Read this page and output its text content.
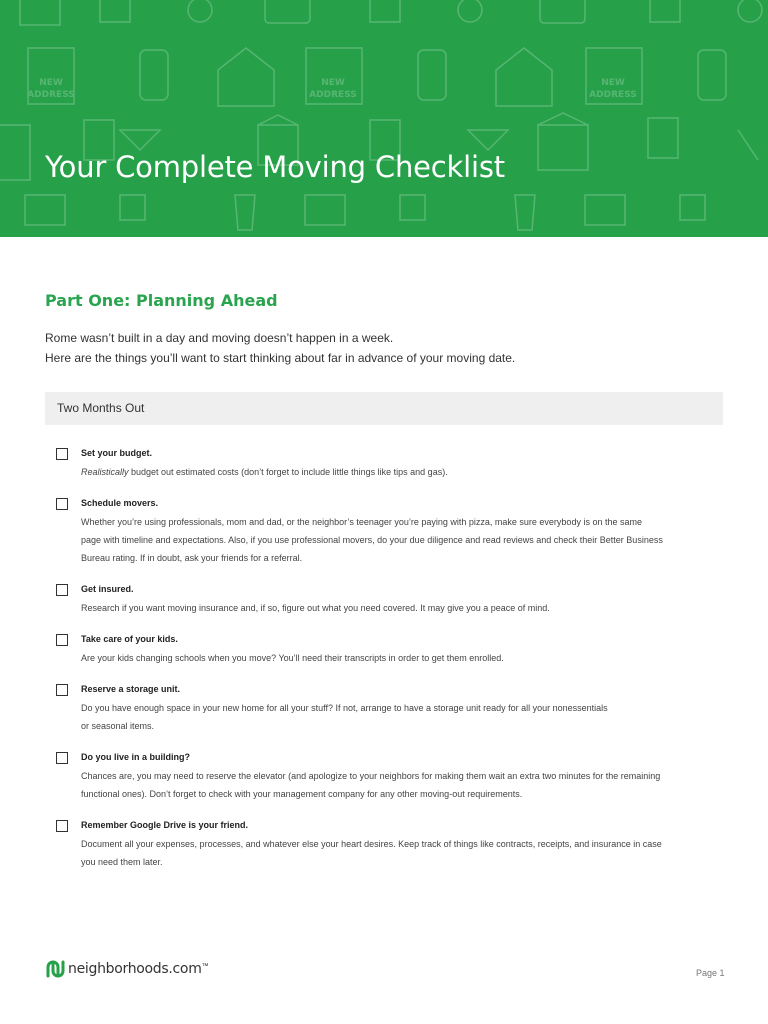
NEW
ADDRESS
NEW
ADDRESS
NEW
ADDRESS
Your Complete Moving Checklist
Part One: Planning Ahead

Rome wasn’t built in a day and moving doesn’t happen in a week.

Here are the things you’ll want to start thinking about far in advance of your moving date.

Two Months Out
Set your budget.
Realistically budget out estimated costs (don’t forget to include little things like tips and gas).
Schedule movers.
Whether you’re using professionals, mom and dad, or the neighbor’s teenager you’re paying with pizza, make sure everybody is on the same
page with timeline and expectations. Also, if you use professional movers, do your due diligence and read reviews and check their Better Business
Bureau rating. If in doubt, ask your friends for a referral.
Get insured.
Research if you want moving insurance and, if so, figure out what you need covered. It may give you a peace of mind.
Take care of your kids.
Are your kids changing schools when you move? You’ll need their transcripts in order to get them enrolled.
Reserve a storage unit.
Do you have enough space in your new home for all your stuff? If not, arrange to have a storage unit ready for all your nonessentials
or seasonal items.
Do you live in a building?
Chances are, you may need to reserve the elevator (and apologize to your neighbors for making them wait an extra two minutes for the remaining
functional ones). Don’t forget to check with your management company for any other moving-out requirements.
Remember Google Drive is your friend.
Document all your expenses, processes, and whatever else your heart desires. Keep track of things like contracts, receipts, and insurance in case
you need them later.
neighborhoods.com ™
Page 1
